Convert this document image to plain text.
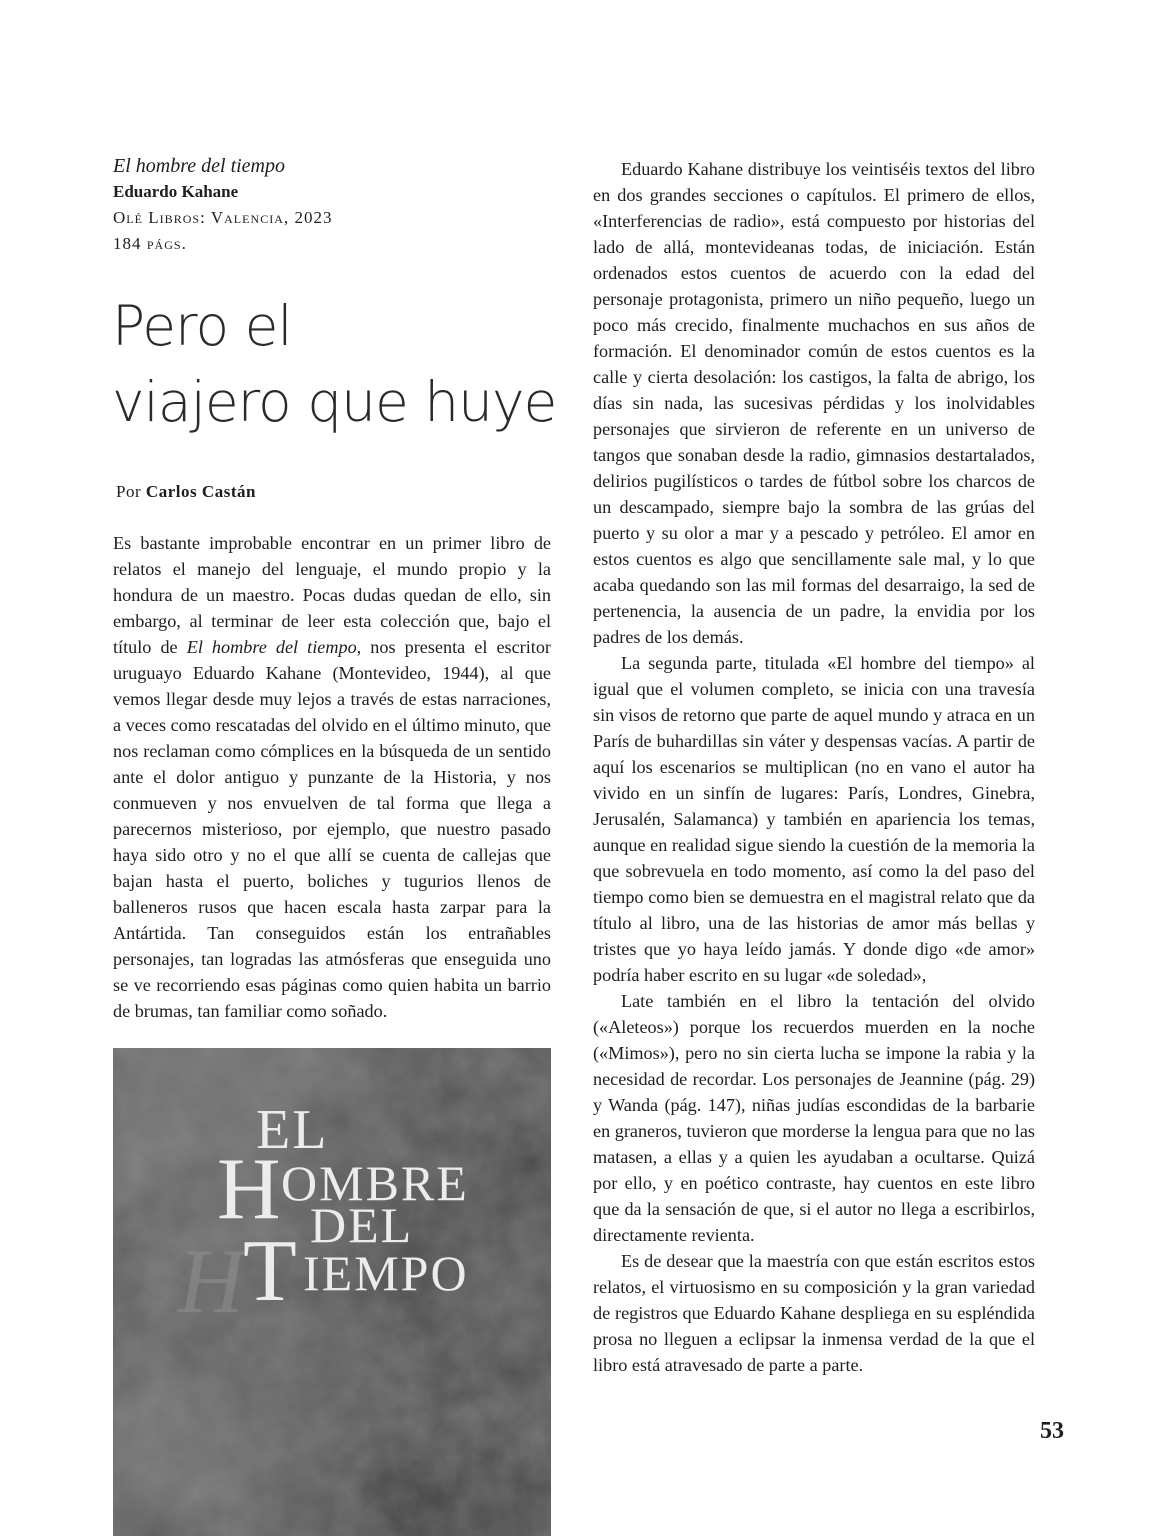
El hombre del tiempo
Eduardo Kahane
Olé Libros: Valencia, 2023
184 págs.
Pero el
viajero que huye
Por Carlos Castán

Es bastante improbable encontrar en un primer libro de relatos el manejo del lenguaje, el mundo propio y la hondura de un maestro. Pocas dudas quedan de ello, sin embargo, al terminar de leer esta colección que, bajo el título de El hombre del tiempo, nos presenta el escritor uruguayo Eduardo Kahane (Montevideo, 1944), al que vemos llegar desde muy lejos a través de estas narraciones, a veces como rescatadas del olvido en el último minuto, que nos reclaman como cómplices en la búsqueda de un sentido ante el dolor antiguo y punzante de la Historia, y nos conmueven y nos envuelven de tal forma que llega a parecernos misterioso, por ejemplo, que nuestro pasado haya sido otro y no el que allí se cuenta de callejas que bajan hasta el puerto, boliches y tugurios llenos de balleneros rusos que hacen escala hasta zarpar para la Antártida. Tan conseguidos están los entrañables personajes, tan logradas las atmósferas que enseguida uno se ve recorriendo esas páginas como quien habita un barrio de brumas, tan familiar como soñado.

EL
H
OMBRE
DEL
H
T IEMPO

Eduardo Kahane distribuye los veintiséis textos del libro en dos grandes secciones o capítulos. El primero de ellos, «Interferencias de radio», está compuesto por historias del lado de allá, montevideanas todas, de iniciación. Están ordenados estos cuentos de acuerdo con la edad del personaje protagonista, primero un niño pequeño, luego un poco más crecido, finalmente muchachos en sus años de formación. El denominador común de estos cuentos es la calle y cierta desolación: los castigos, la falta de abrigo, los días sin nada, las sucesivas pérdidas y los inolvidables personajes que sirvieron de referente en un universo de tangos que sonaban desde la radio, gimnasios destartalados, delirios pugilísticos o tardes de fútbol sobre los charcos de un descampado, siempre bajo la sombra de las grúas del puerto y su olor a mar y a pescado y petróleo. El amor en estos cuentos es algo que sencillamente sale mal, y lo que acaba quedando son las mil formas del desarraigo, la sed de pertenencia, la ausencia de un padre, la envidia por los padres de los demás.

La segunda parte, titulada «El hombre del tiempo» al igual que el volumen completo, se inicia con una travesía sin visos de retorno que parte de aquel mundo y atraca en un París de buhardillas sin váter y despensas vacías. A partir de aquí los escenarios se multiplican (no en vano el autor ha vivido en un sinfín de lugares: París, Londres, Ginebra, Jerusalén, Salamanca) y también en apariencia los temas, aunque en realidad sigue siendo la cuestión de la memoria la que sobrevuela en todo momento, así como la del paso del tiempo como bien se demuestra en el magistral relato que da título al libro, una de las historias de amor más bellas y tristes que yo haya leído jamás. Y donde digo «de amor» podría haber escrito en su lugar «de soledad»,

Late también en el libro la tentación del olvido («Aleteos») porque los recuerdos muerden en la noche («Mimos»), pero no sin cierta lucha se impone la rabia y la necesidad de recordar. Los personajes de Jeannine (pág. 29) y Wanda (pág. 147), niñas judías escondidas de la barbarie en graneros, tuvieron que morderse la lengua para que no las matasen, a ellas y a quien les ayudaban a ocultarse. Quizá por ello, y en poético contraste, hay cuentos en este libro que da la sensación de que, si el autor no llega a escribirlos, directamente revienta.

Es de desear que la maestría con que están escritos estos relatos, el virtuosismo en su composición y la gran variedad de registros que Eduardo Kahane despliega en su espléndida prosa no lleguen a eclipsar la inmensa verdad de la que el libro está atravesado de parte a parte.

53
